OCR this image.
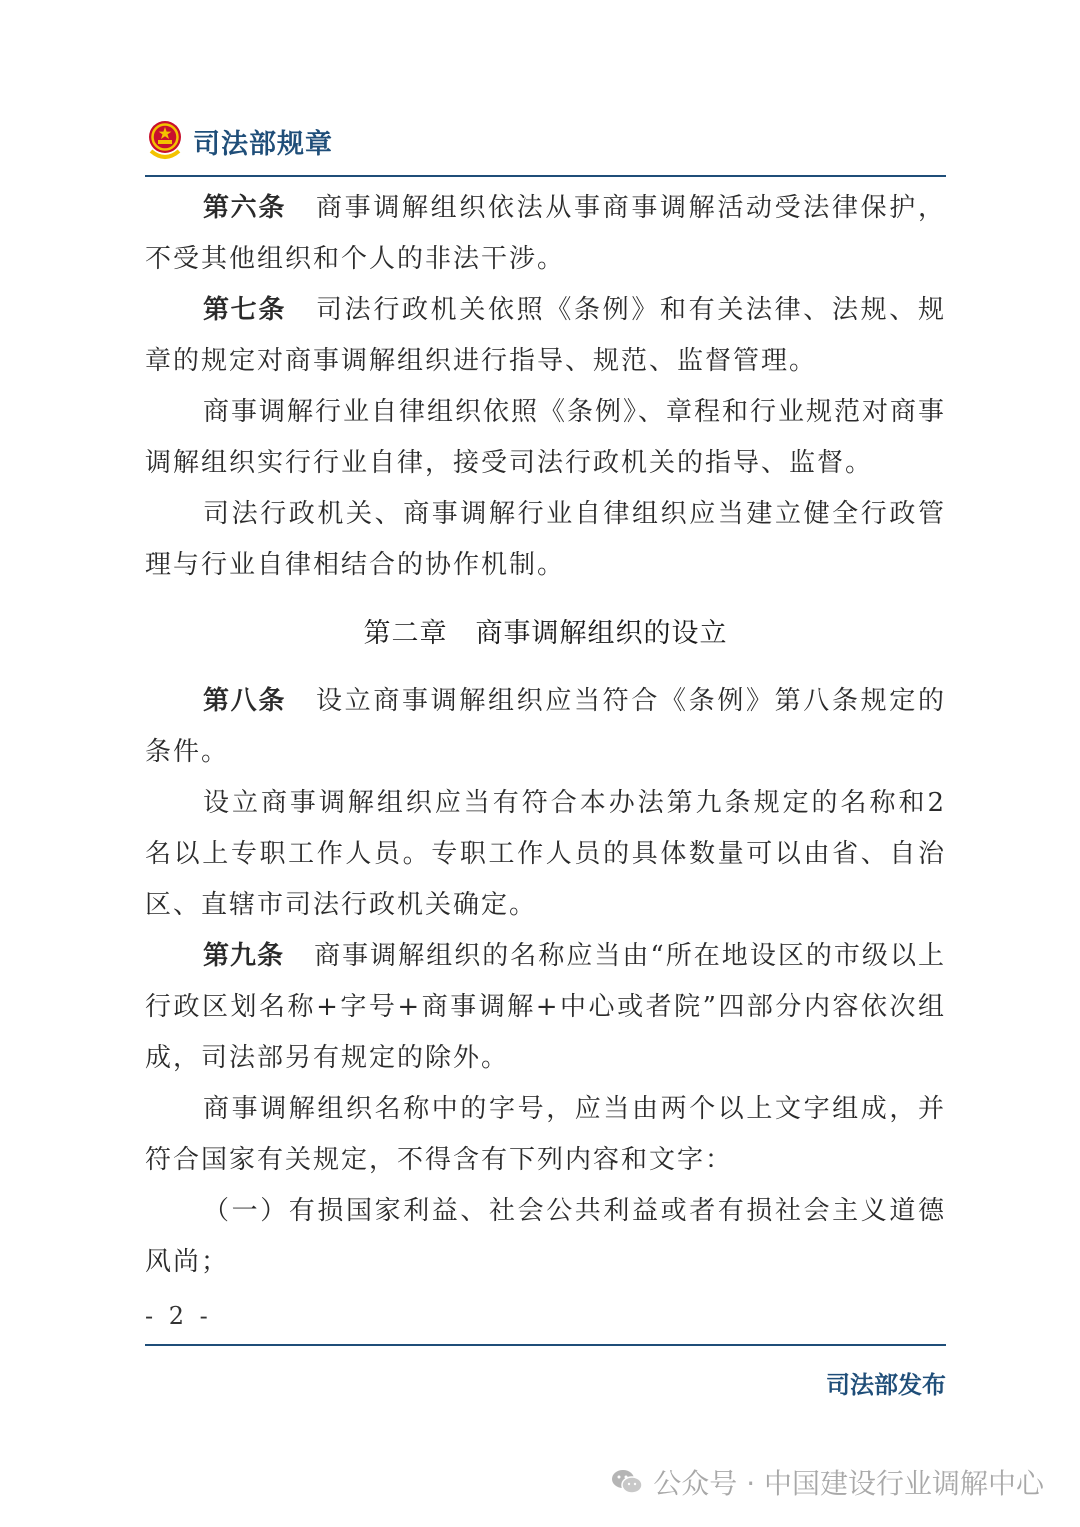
司法部规章

第六条 商事调解组织依法从事商事调解活动受法律保护，不受其他组织和个人的非法干涉。

第七条 司法行政机关依照《条例》和有关法律、法规、规章的规定对商事调解组织进行指导、规范、监督管理。

商事调解行业自律组织依照《条例》、章程和行业规范对商事调解组织实行行业自律，接受司法行政机关的指导、监督。

司法行政机关、商事调解行业自律组织应当建立健全行政管理与行业自律相结合的协作机制。

第二章 商事调解组织的设立

第八条 设立商事调解组织应当符合《条例》第八条规定的条件。

设立商事调解组织应当有符合本办法第九条规定的名称和2名以上专职工作人员。专职工作人员的具体数量可以由省、自治区、直辖市司法行政机关确定。

第九条 商事调解组织的名称应当由“所在地设区的市级以上行政区划名称+字号+商事调解+中心或者院”四部分内容依次组成，司法部另有规定的除外。

商事调解组织名称中的字号，应当由两个以上文字组成，并符合国家有关规定，不得含有下列内容和文字：

（一）有损国家利益、社会公共利益或者有损社会主义道德风尚；

- 2 -
司法部发布
公众号 · 中国建设行业调解中心
